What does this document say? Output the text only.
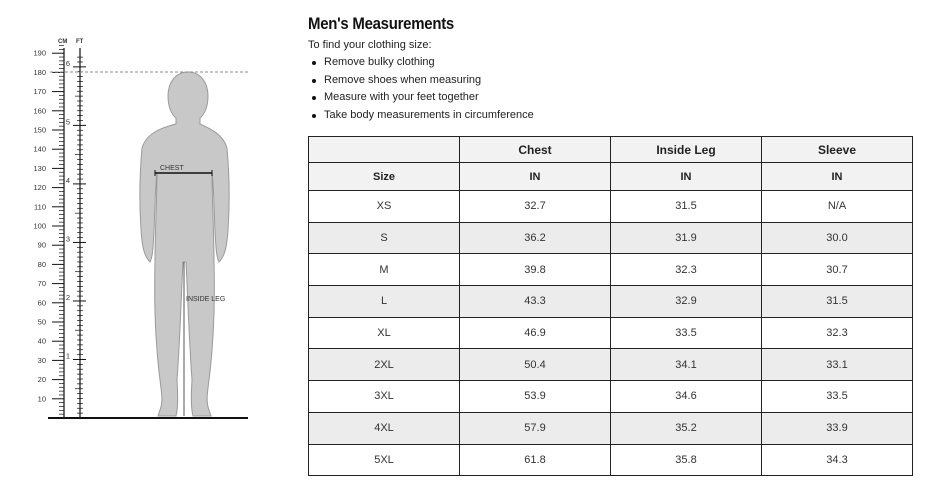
CM FT
190
180
170
160
150
140
130
120
110
100
90
80
70
60
50
40
30
20
10
6
5
4
3
2
1
CHEST
INSIDE LEG
Men's Measurements
To find your clothing size:
Remove bulky clothing
Remove shoes when measuring
Measure with your feet together
Take body measurements in circumference
	Chest	Inside Leg	Sleeve
Size	IN	IN	IN
XS	32.7	31.5	N/A
S	36.2	31.9	30.0
M	39.8	32.3	30.7
L	43.3	32.9	31.5
XL	46.9	33.5	32.3
2XL	50.4	34.1	33.1
3XL	53.9	34.6	33.5
4XL	57.9	35.2	33.9
5XL	61.8	35.8	34.3
